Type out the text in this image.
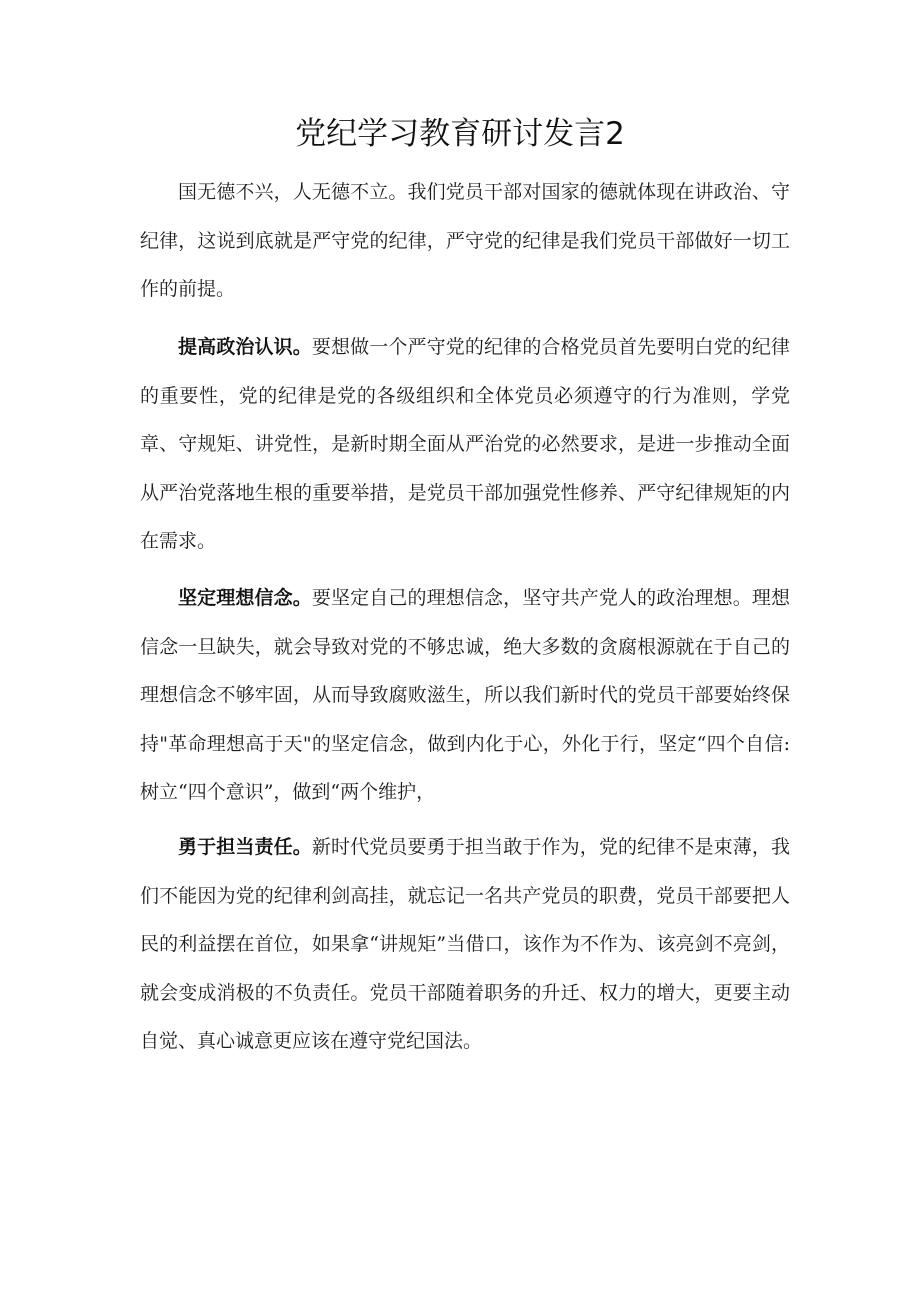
党纪学习教育研讨发言2

国无德不兴，人无德不立。我们党员干部对国家的德就体现在讲政治、守纪律，这说到底就是严守党的纪律，严守党的纪律是我们党员干部做好一切工作的前提。

提高政治认识。要想做一个严守党的纪律的合格党员首先要明白党的纪律的重要性，党的纪律是党的各级组织和全体党员必须遵守的行为准则，学党章、守规矩、讲党性，是新时期全面从严治党的必然要求，是进一步推动全面从严治党落地生根的重要举措，是党员干部加强党性修养、严守纪律规矩的内在需求。

坚定理想信念。要坚定自己的理想信念，坚守共产党人的政治理想。理想信念一旦缺失，就会导致对党的不够忠诚，绝大多数的贪腐根源就在于自己的理想信念不够牢固，从而导致腐败滋生，所以我们新时代的党员干部要始终保持"革命理想高于天"的坚定信念，做到内化于心，外化于行，坚定“四个自信:树立“四个意识”，做到“两个维护，

勇于担当责任。新时代党员要勇于担当敢于作为，党的纪律不是束薄，我们不能因为党的纪律利剑高挂，就忘记一名共产党员的职费，党员干部要把人民的利益摆在首位，如果拿“讲规矩”当借口，该作为不作为、该亮剑不亮剑，就会变成消极的不负责任。党员干部随着职务的升迁、权力的增大，更要主动自觉、真心诚意更应该在遵守党纪国法。
